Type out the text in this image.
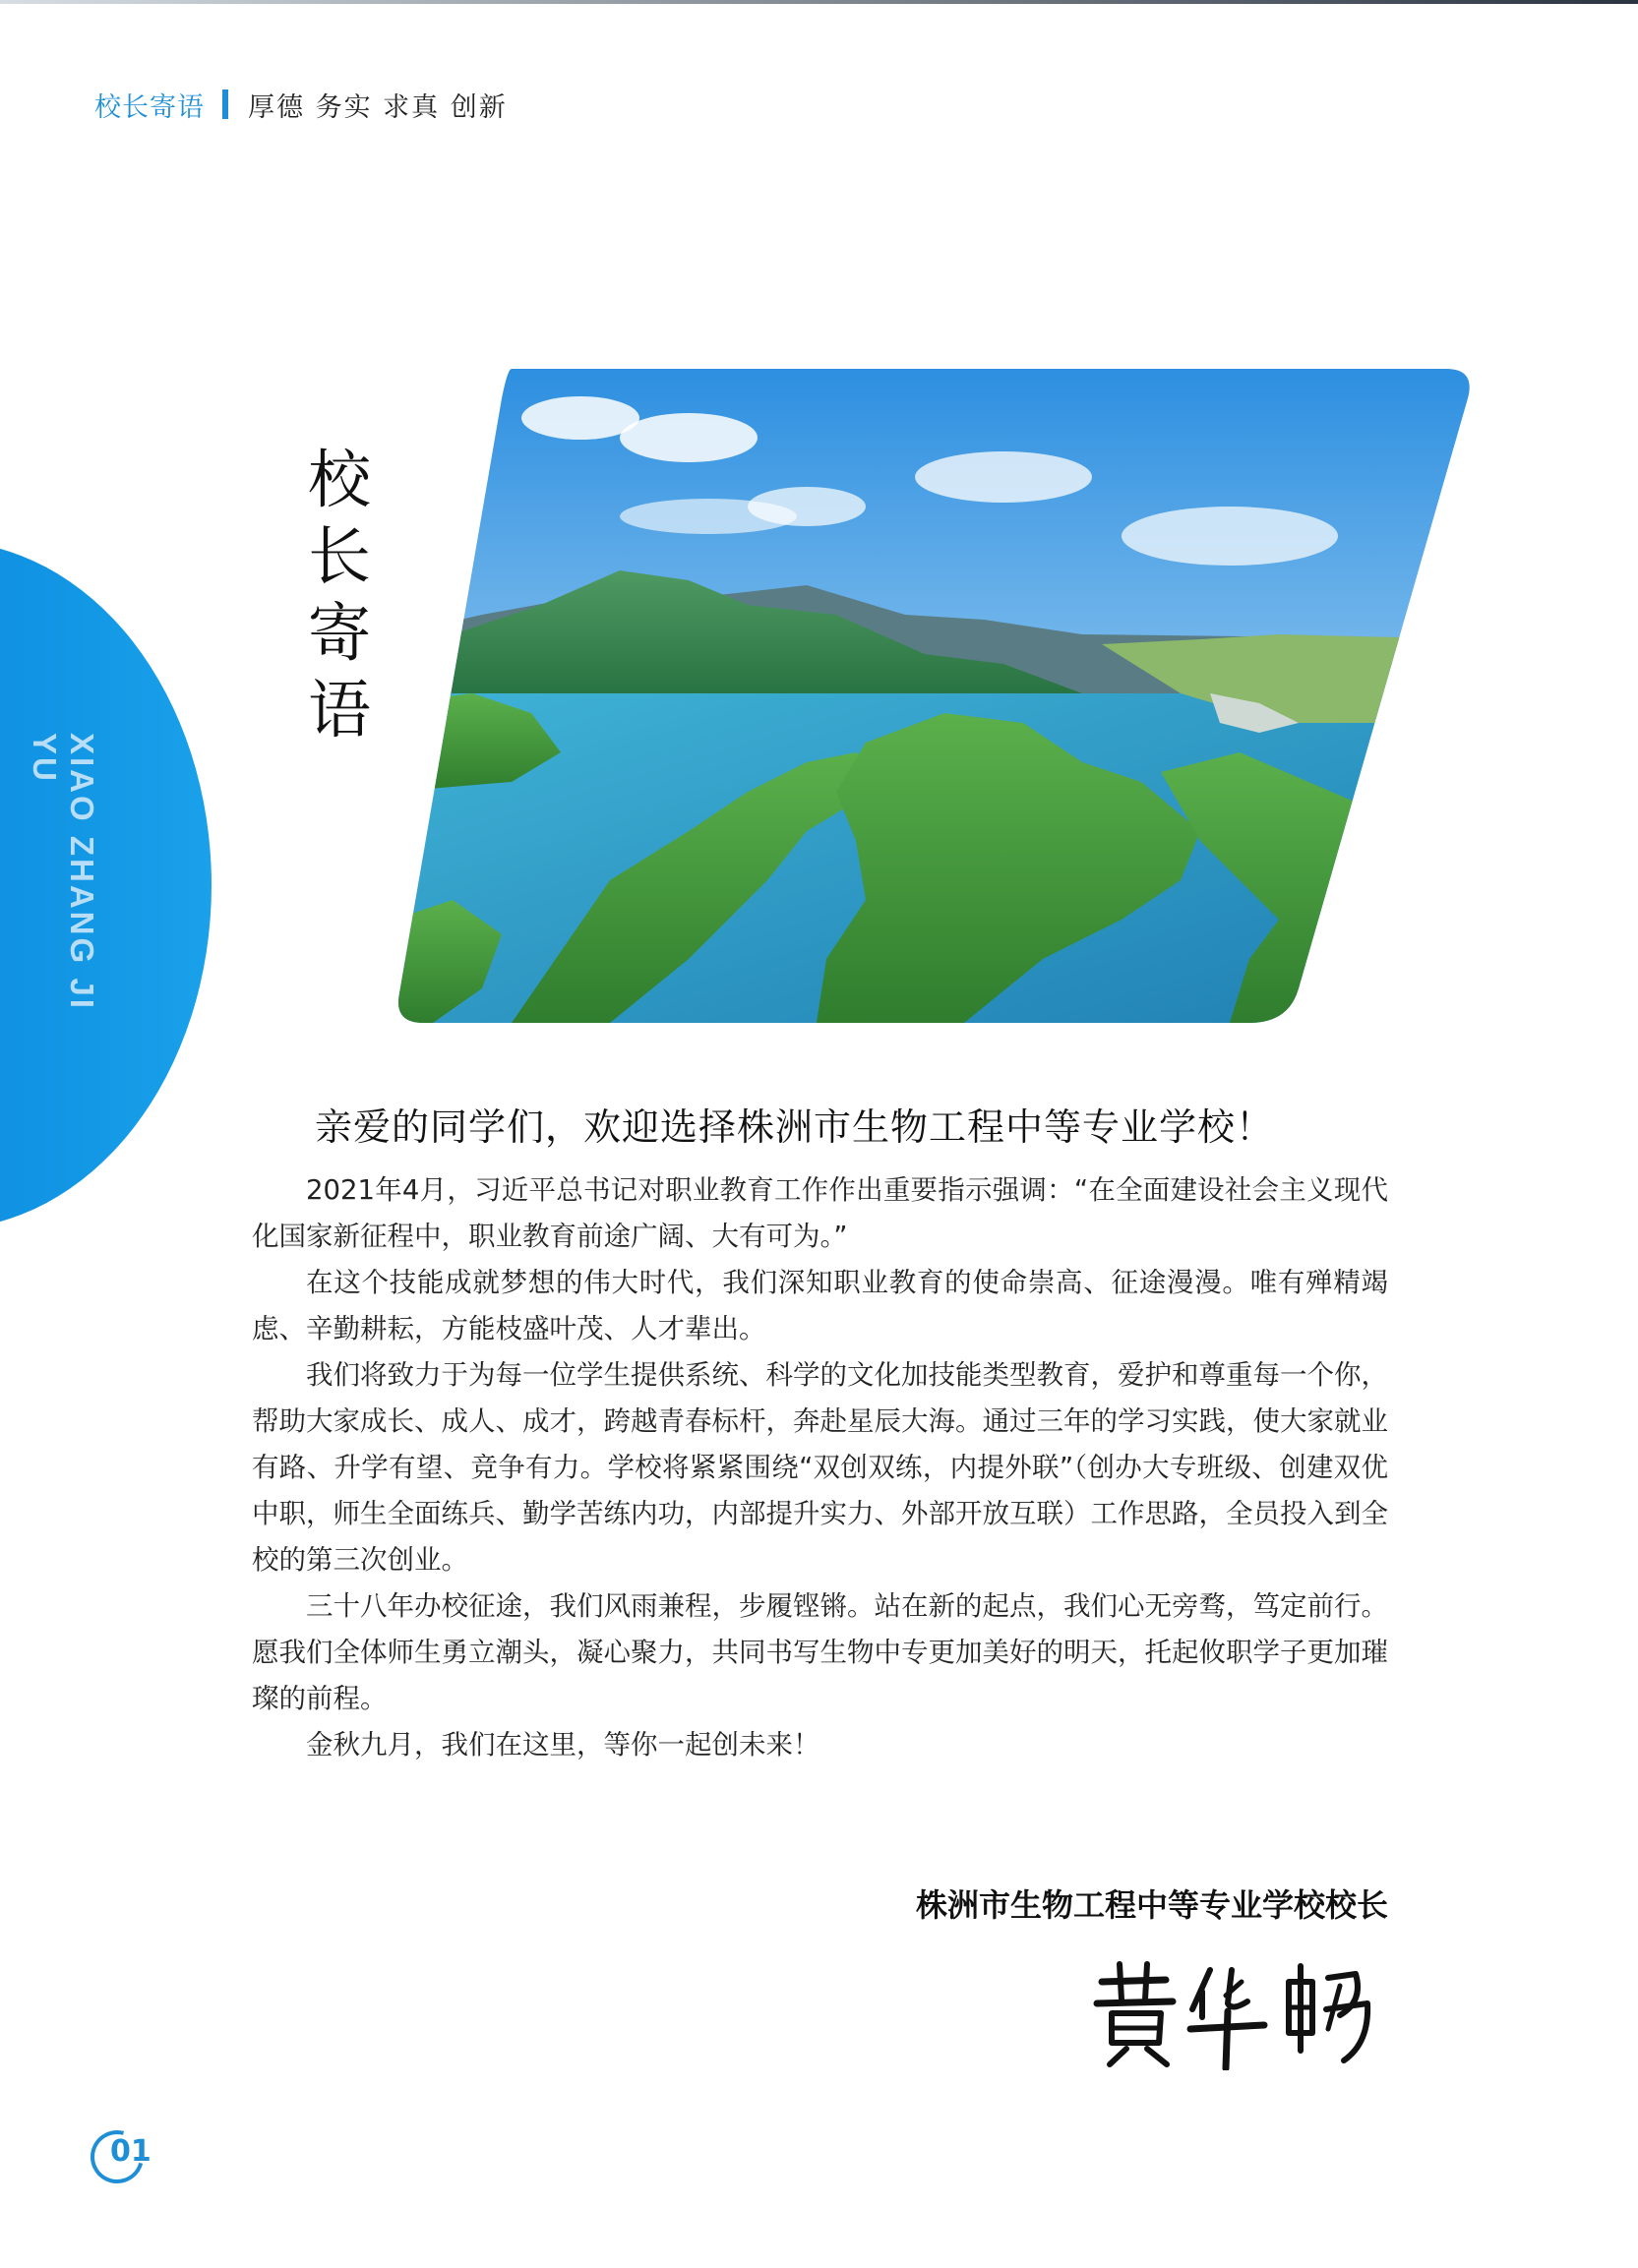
校长寄语 厚德 务实 求真 创新
XIAO ZHANG JI YU
校
长
寄
语
亲爱的同学们，欢迎选择株洲市生物工程中等专业学校！

2021年4月，习近平总书记对职业教育工作作出重要指示强调：“在全面建设社会主义现代化国家新征程中，职业教育前途广阔、大有可为。”

在这个技能成就梦想的伟大时代，我们深知职业教育的使命崇高、征途漫漫。唯有殚精竭虑、辛勤耕耘，方能枝盛叶茂、人才辈出。

我们将致力于为每一位学生提供系统、科学的文化加技能类型教育，爱护和尊重每一个你，帮助大家成长、成人、成才，跨越青春标杆，奔赴星辰大海。通过三年的学习实践，使大家就业有路、升学有望、竞争有力。学校将紧紧围绕“双创双练，内提外联”（创办大专班级、创建双优中职，师生全面练兵、勤学苦练内功，内部提升实力、外部开放互联）工作思路，全员投入到全校的第三次创业。

三十八年办校征途，我们风雨兼程，步履铿锵。站在新的起点，我们心无旁骛，笃定前行。愿我们全体师生勇立潮头，凝心聚力，共同书写生物中专更加美好的明天，托起攸职学子更加璀璨的前程。

金秋九月，我们在这里，等你一起创未来！

株洲市生物工程中等专业学校校长
01
